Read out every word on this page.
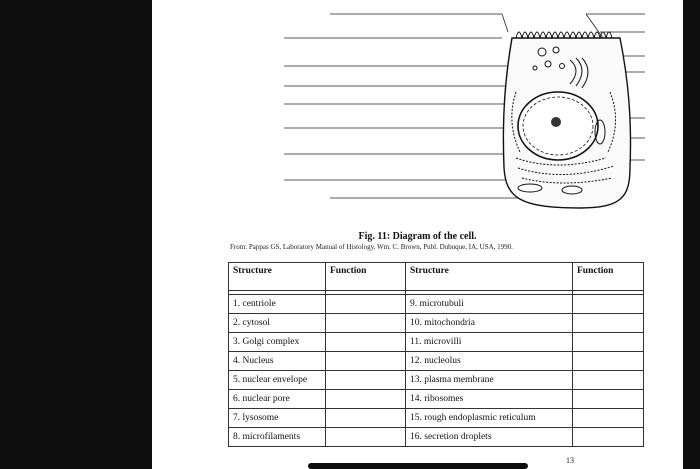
Fig. 11: Diagram of the cell.
From: Pappas GS, Laboratory Manual of Histology. Wm. C. Brown, Publ. Dubuque, IA, USA, 1990.
Structure	Function	Structure	Function

1. centriole		9. microtubuli	
2. cytosol		10. mitochondria	
3. Golgi complex		11. microvilli	
4. Nucleus		12. nucleolus	
5. nuclear envelope		13. plasma membrane	
6. nuclear pore		14. ribosomes	
7. lysosome		15. rough endoplasmic reticulum	
8. microfilaments		16. secretion droplets	
13
